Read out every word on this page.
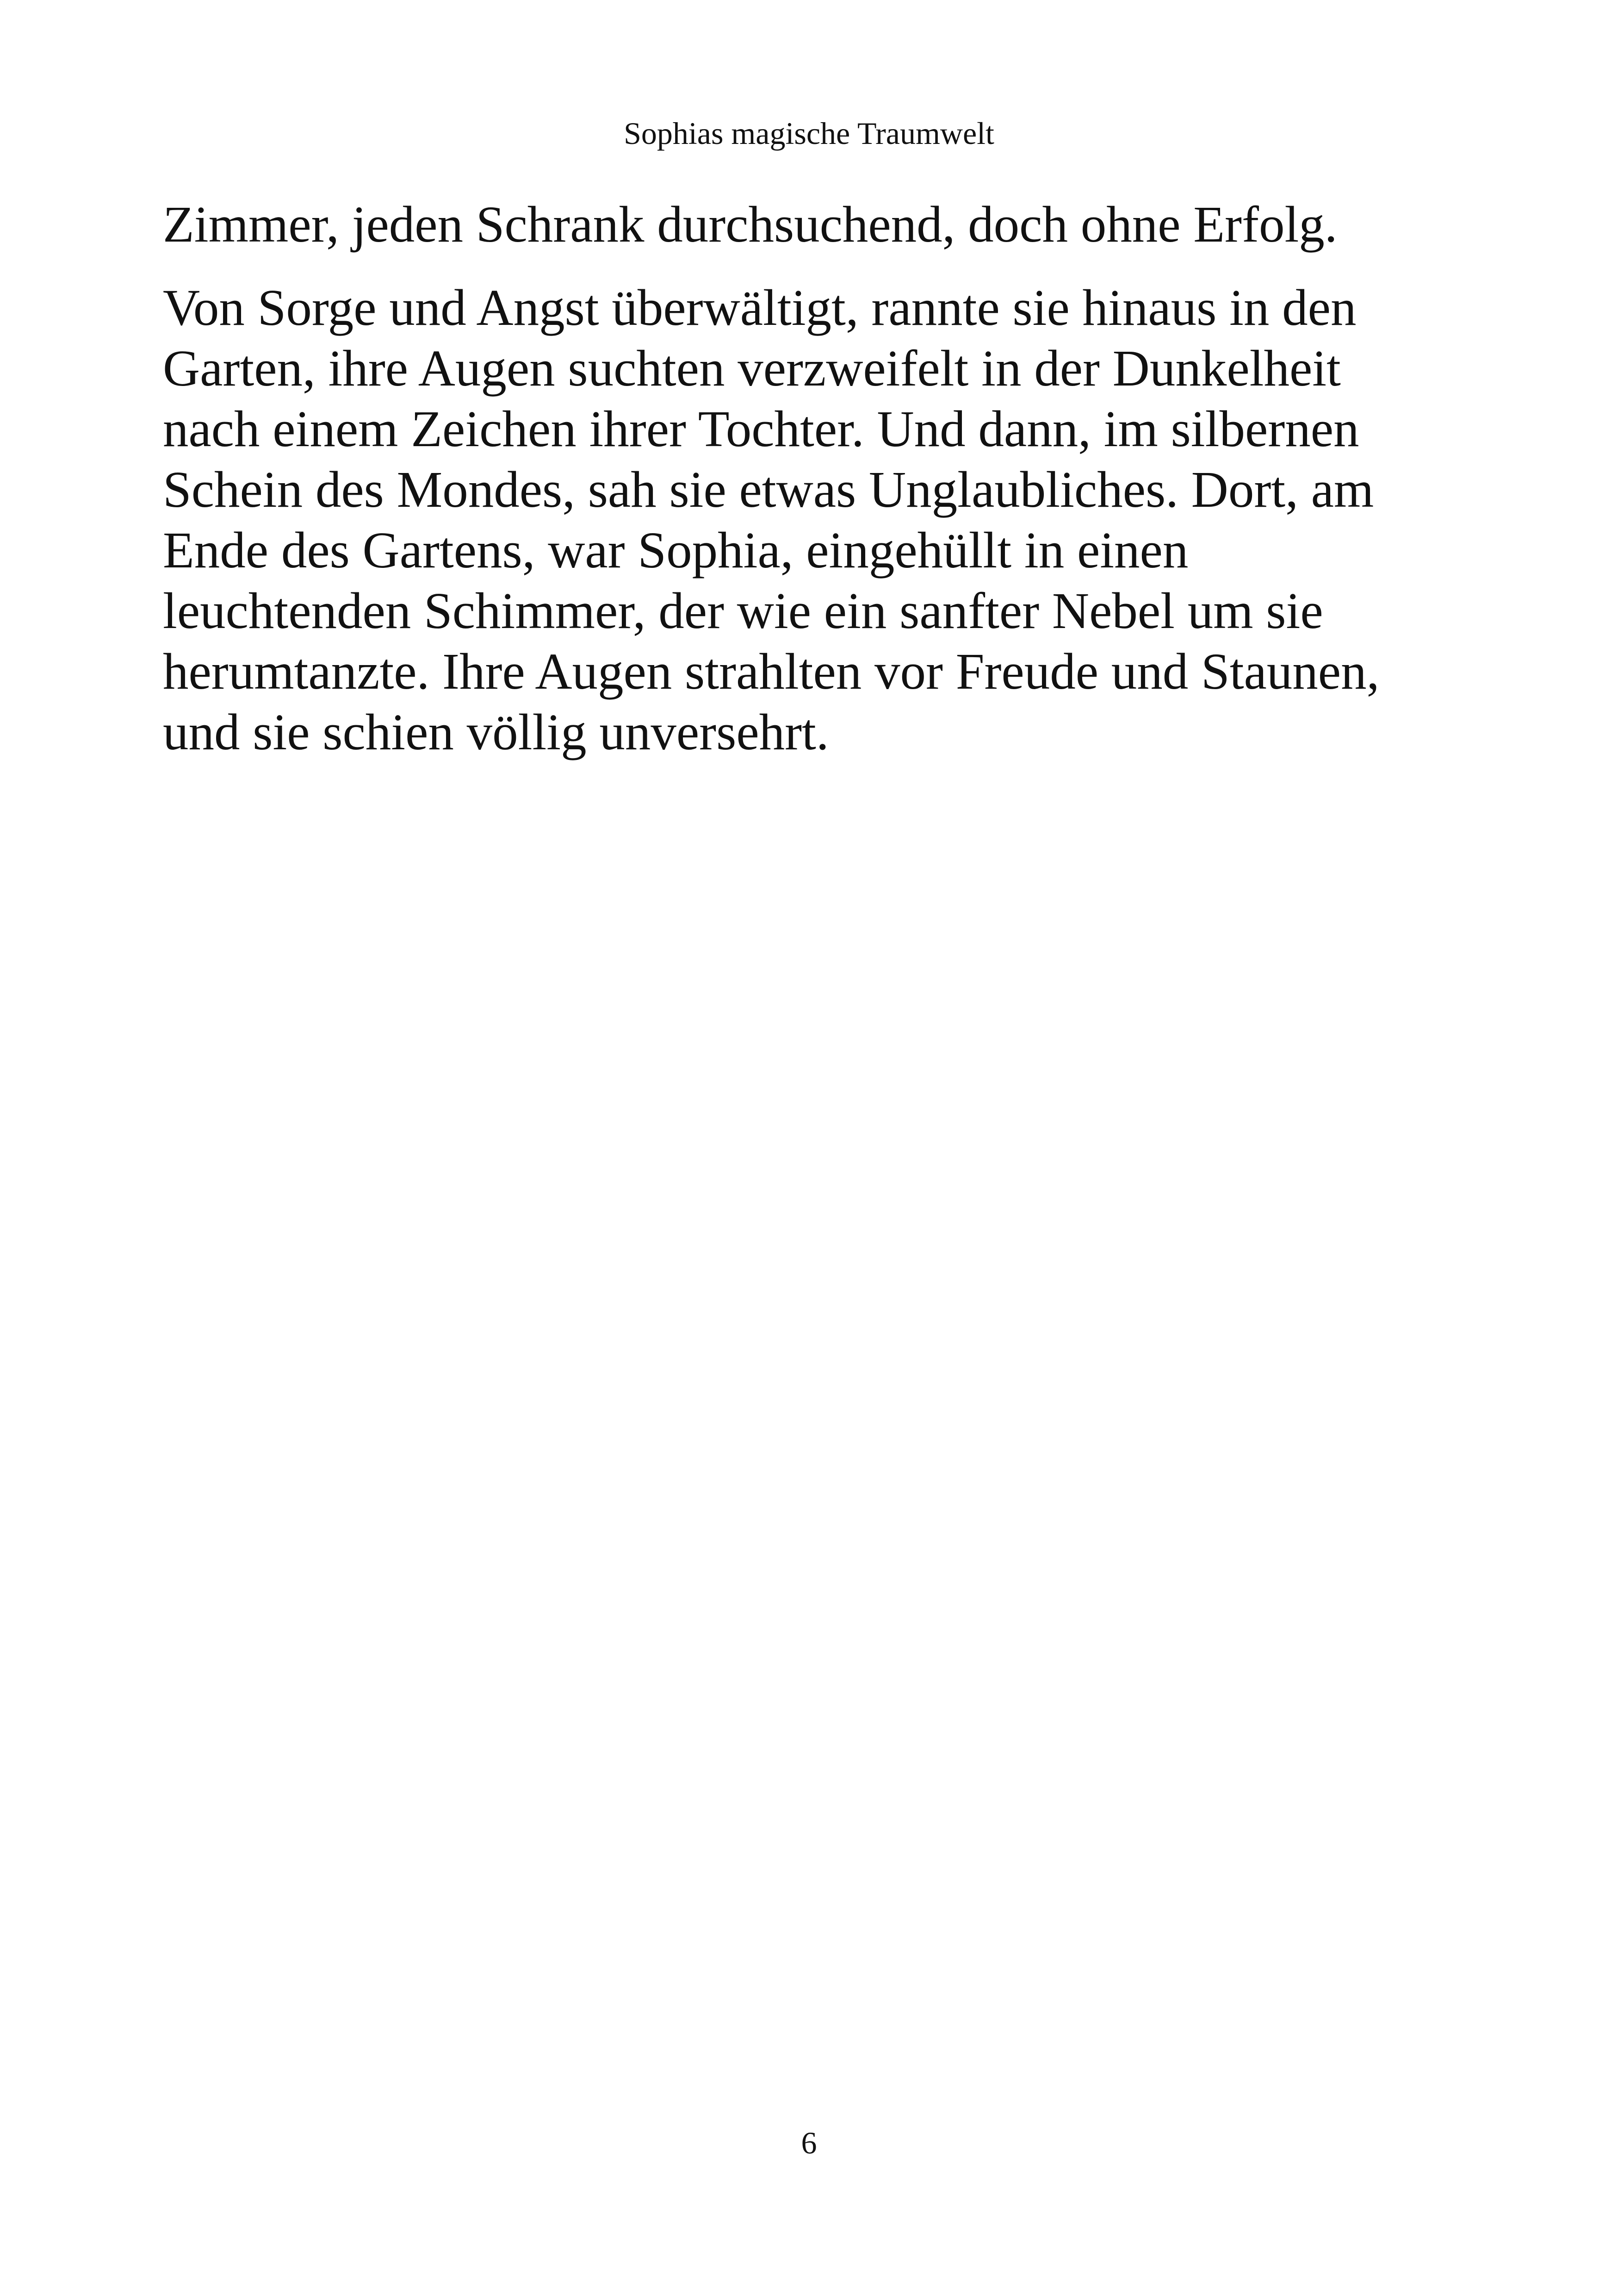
Sophias magische Traumwelt

Zimmer, jeden Schrank durchsuchend, doch ohne Erfolg.

Von Sorge und Angst überwältigt, rannte sie hinaus in den
Garten, ihre Augen suchten verzweifelt in der Dunkelheit
nach einem Zeichen ihrer Tochter. Und dann, im silbernen
Schein des Mondes, sah sie etwas Unglaubliches. Dort, am
Ende des Gartens, war Sophia, eingehüllt in einen
leuchtenden Schimmer, der wie ein sanfter Nebel um sie
herumtanzte. Ihre Augen strahlten vor Freude und Staunen,
und sie schien völlig unversehrt.

6
